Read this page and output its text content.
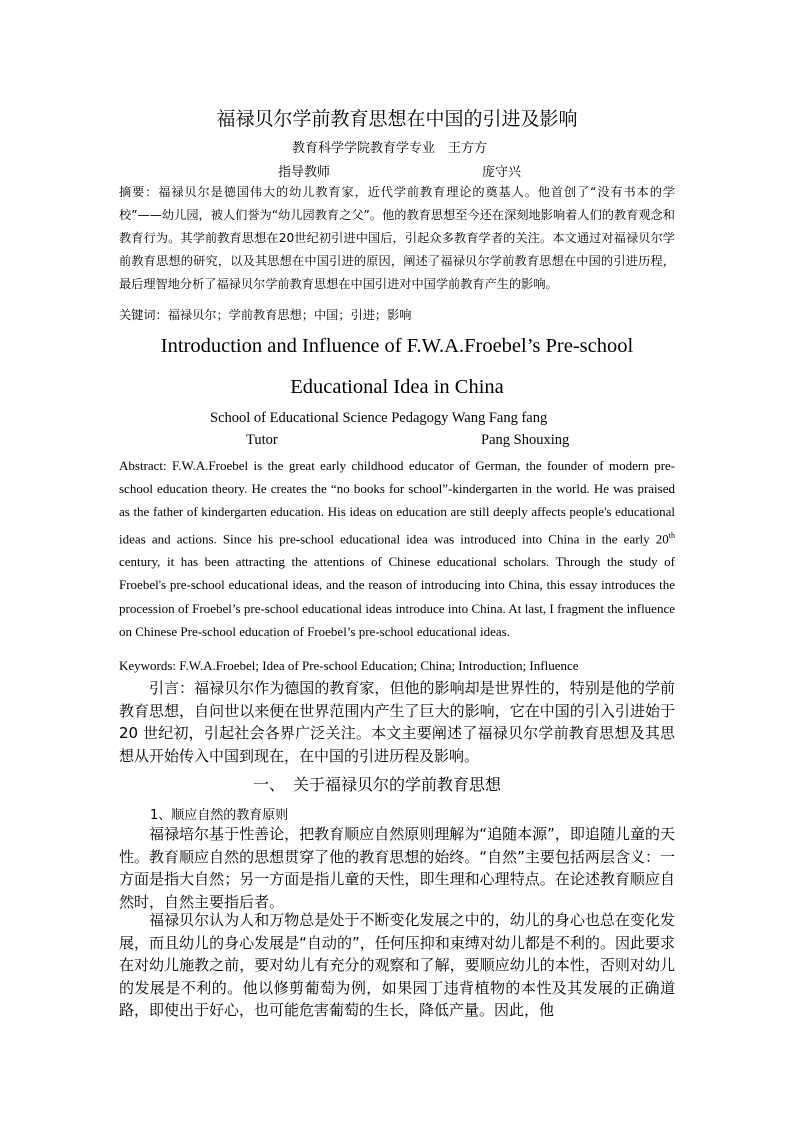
福禄贝尔学前教育思想在中国的引进及影响
教育科学学院教育学专业　王方方
指导教师	庞守兴
摘要：福禄贝尔是德国伟大的幼儿教育家，近代学前教育理论的奠基人。他首创了“没有书本的学校”——幼儿园，被人们誉为“幼儿园教育之父”。他的教育思想至今还在深刻地影响着人们的教育观念和教育行为。其学前教育思想在20世纪初引进中国后，引起众多教育学者的关注。本文通过对福禄贝尔学前教育思想的研究，以及其思想在中国引进的原因，阐述了福禄贝尔学前教育思想在中国的引进历程，最后理智地分析了福禄贝尔学前教育思想在中国引进对中国学前教育产生的影响。
关键词：福禄贝尔；学前教育思想；中国；引进；影响
Introduction and Influence of F.W.A.Froebel’s Pre-school
Educational Idea in China
School of Educational Science Pedagogy Wang Fang fang
Tutor	Pang Shouxing
Abstract: F.W.A.Froebel is the great early childhood educator of German, the founder of modern pre-school education theory. He creates the “no books for school”-kindergarten in the world. He was praised as the father of kindergarten education. His ideas on education are still deeply affects people's educational ideas and actions. Since his pre-school educational idea was introduced into China in the early 20th century, it has been attracting the attentions of Chinese educational scholars. Through the study of Froebel's pre-school educational ideas, and the reason of introducing into China, this essay introduces the procession of Froebel’s pre-school educational ideas introduce into China. At last, I fragment the influence on Chinese Pre-school education of Froebel’s pre-school educational ideas.
Keywords: F.W.A.Froebel; Idea of Pre-school Education; China; Introduction; Influence
引言：福禄贝尔作为德国的教育家，但他的影响却是世界性的，特别是他的学前教育思想，自问世以来便在世界范围内产生了巨大的影响，它在中国的引入引进始于20 世纪初，引起社会各界广泛关注。本文主要阐述了福禄贝尔学前教育思想及其思想从开始传入中国到现在，在中国的引进历程及影响。
一、　关于福禄贝尔的学前教育思想
1、顺应自然的教育原则
福禄培尔基于性善论，把教育顺应自然原则理解为“追随本源”，即追随儿童的天性。教育顺应自然的思想贯穿了他的教育思想的始终。“自然”主要包括两层含义：一方面是指大自然；另一方面是指儿童的天性，即生理和心理特点。在论述教育顺应自然时，自然主要指后者。
福禄贝尔认为人和万物总是处于不断变化发展之中的，幼儿的身心也总在变化发展，而且幼儿的身心发展是“自动的”，任何压抑和束缚对幼儿都是不利的。因此要求在对幼儿施教之前，要对幼儿有充分的观察和了解，要顺应幼儿的本性，否则对幼儿的发展是不利的。他以修剪葡萄为例，如果园丁违背植物的本性及其发展的正确道路，即使出于好心，也可能危害葡萄的生长，降低产量。因此，他
